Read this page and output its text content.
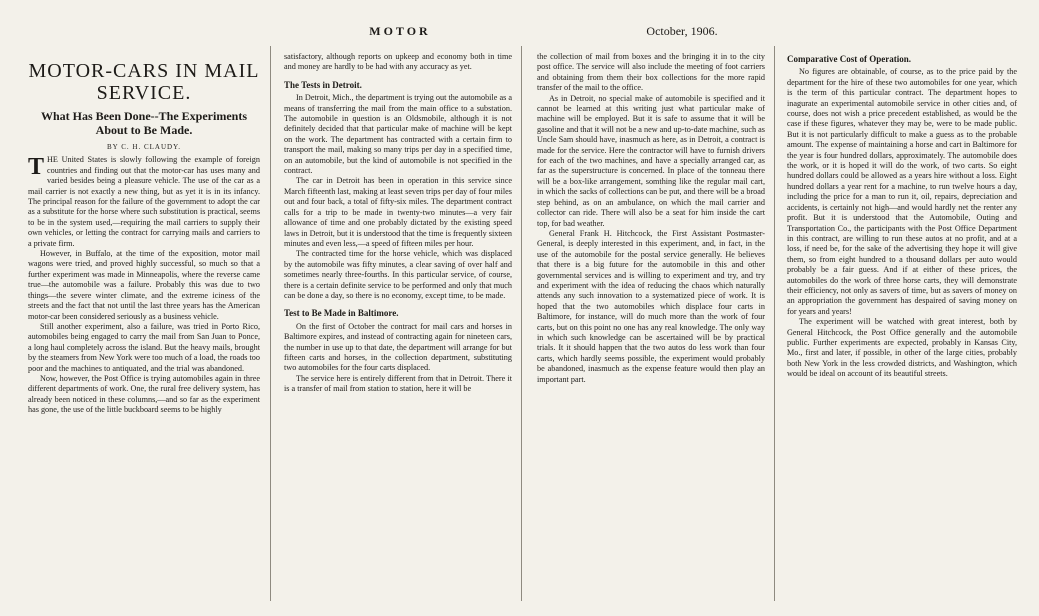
MOTOR	October, 1906.
MOTOR-CARS IN MAIL SERVICE.
What Has Been Done--The Experiments About to Be Made.
BY C. H. CLAUDY.

THE United States is slowly following the example of foreign countries and finding out that the motor-car has uses many and varied besides being a pleasure vehicle. The use of the car as a mail carrier is not exactly a new thing, but as yet it is in its infancy. The principal reason for the failure of the government to adopt the car as a substitute for the horse where such substitution is practical, seems to be in the system used,—requiring the mail carriers to supply their own vehicles, or letting the contract for carrying mails and carriers to a private firm.

However, in Buffalo, at the time of the exposition, motor mail wagons were tried, and proved highly successful, so much so that a further experiment was made in Minneapolis, where the reverse came true—the automobile was a failure. Probably this was due to two things—the severe winter climate, and the extreme iciness of the streets and the fact that not until the last three years has the American motor-car been considered seriously as a business vehicle.

Still another experiment, also a failure, was tried in Porto Rico, automobiles being engaged to carry the mail from San Juan to Ponce, a long haul completely across the island. But the heavy mails, brought by the steamers from New York were too much of a load, the roads too poor and the machines to antiquated, and the trial was abandoned.

Now, however, the Post Office is trying automobiles again in three different departments of work. One, the rural free delivery system, has already been noticed in these columns,—and so far as the experiment has gone, the use of the little buckboard seems to be highly

satisfactory, although reports on upkeep and economy both in time and money are hardly to be had with any accuracy as yet.

The Tests in Detroit.

In Detroit, Mich., the department is trying out the automobile as a means of transferring the mail from the main office to a substation. The automobile in question is an Oldsmobile, although it is not definitely decided that that particular make of machine will be kept on the work. The department has contracted with a certain firm to transport the mail, making so many trips per day in a specified time, on an automobile, but the kind of automobile is not specified in the contract.

The car in Detroit has been in operation in this service since March fifteenth last, making at least seven trips per day of four miles out and four back, a total of fifty-six miles. The department contract calls for a trip to be made in twenty-two minutes—a very fair allowance of time and one probably dictated by the existing speed laws in Detroit, but it is understood that the time is frequently sixteen minutes and even less,—a speed of fifteen miles per hour.

The contracted time for the horse vehicle, which was displaced by the automobile was fifty minutes, a clear saving of over half and sometimes nearly three-fourths. In this particular service, of course, there is a certain definite service to be performed and only that much can be done a day, so there is no economy, except time, to be made.

Test to Be Made in Baltimore.

On the first of October the contract for mail cars and horses in Baltimore expires, and instead of contracting again for nineteen cars, the number in use up to that date, the department will arrange for but fifteen carts and horses, in the collection department, substituting two automobiles for the four carts displaced.

The service here is entirely different from that in Detroit. There it is a transfer of mail from station to station, here it will be

the collection of mail from boxes and the bringing it in to the city post office. The service will also include the meeting of foot carriers and obtaining from them their box collections for the more rapid transfer of the mail to the office.

As in Detroit, no special make of automobile is specified and it cannot be learned at this writing just what particular make of machine will be employed. But it is safe to assume that it will be gasoline and that it will not be a new and up-to-date machine, such as Uncle Sam should have, inasmuch as here, as in Detroit, a contract is made for the service. Here the contractor will have to furnish drivers for each of the two machines, and have a specially arranged car, as far as the superstructure is concerned. In place of the tonneau there will be a box-like arrangement, somthing like the regular mail cart, in which the sacks of collections can be put, and there will be a broad step behind, as on an ambulance, on which the mail carrier and collector can ride. There will also be a seat for him inside the cart top, for bad weather.

General Frank H. Hitchcock, the First Assistant Postmaster-General, is deeply interested in this experiment, and, in fact, in the use of the automobile for the postal service generally. He believes that there is a big future for the automobile in this and other governmental services and is willing to experiment and try, and try and experiment with the idea of reducing the chaos which naturally attends any such innovation to a systematized piece of work. It is hoped that the two automobiles which displace four carts in Baltimore, for instance, will do much more than the work of four carts, but on this point no one has any real knowledge. The only way in which such knowledge can be ascertained will be by practical trials. It it should happen that the two autos do less work than four carts, which hardly seems possible, the experiment would probably be abandoned, inasmuch as the expense feature would then play an important part.

Comparative Cost of Operation.

No figures are obtainable, of course, as to the price paid by the department for the hire of these two automobiles for one year, which is the term of this particular contract. The department hopes to inagurate an experimental automobile service in other cities and, of course, does not wish a price precedent established, as would be the case if these figures, whatever they may be, were to be made public. But it is not particularly difficult to make a guess as to the probable amount. The expense of maintaining a horse and cart in Baltimore for the year is four hundred dollars, approximately. The automobile does the work, or it is hoped it will do the work, of two carts. So eight hundred dollars could be allowed as a years hire without a loss. Eight hundred dollars a year rent for a machine, to run twelve hours a day, including the price for a man to run it, oil, repairs, depreciation and accidents, is certainly not high—and would hardly net the renter any profit. But it is understood that the Automobile, Outing and Transportation Co., the participants with the Post Office Department in this contract, are willing to run these autos at no profit, and at a loss, if need be, for the sake of the advertising they hope it will give them, so from eight hundred to a thousand dollars per auto would probably be a fair guess. And if at either of these prices, the automobiles do the work of three horse carts, they will demonstrate their efficiency, not only as savers of time, but as savers of money on an appropriation the government has despaired of saving money on for years and years!

The experiment will be watched with great interest, both by General Hitchcock, the Post Office generally and the automobile public. Further experiments are expected, probably in Kansas City, Mo., first and later, if possible, in other of the large cities, probably both New York in the less crowded districts, and Washington, which would be ideal on account of its beautiful streets.
